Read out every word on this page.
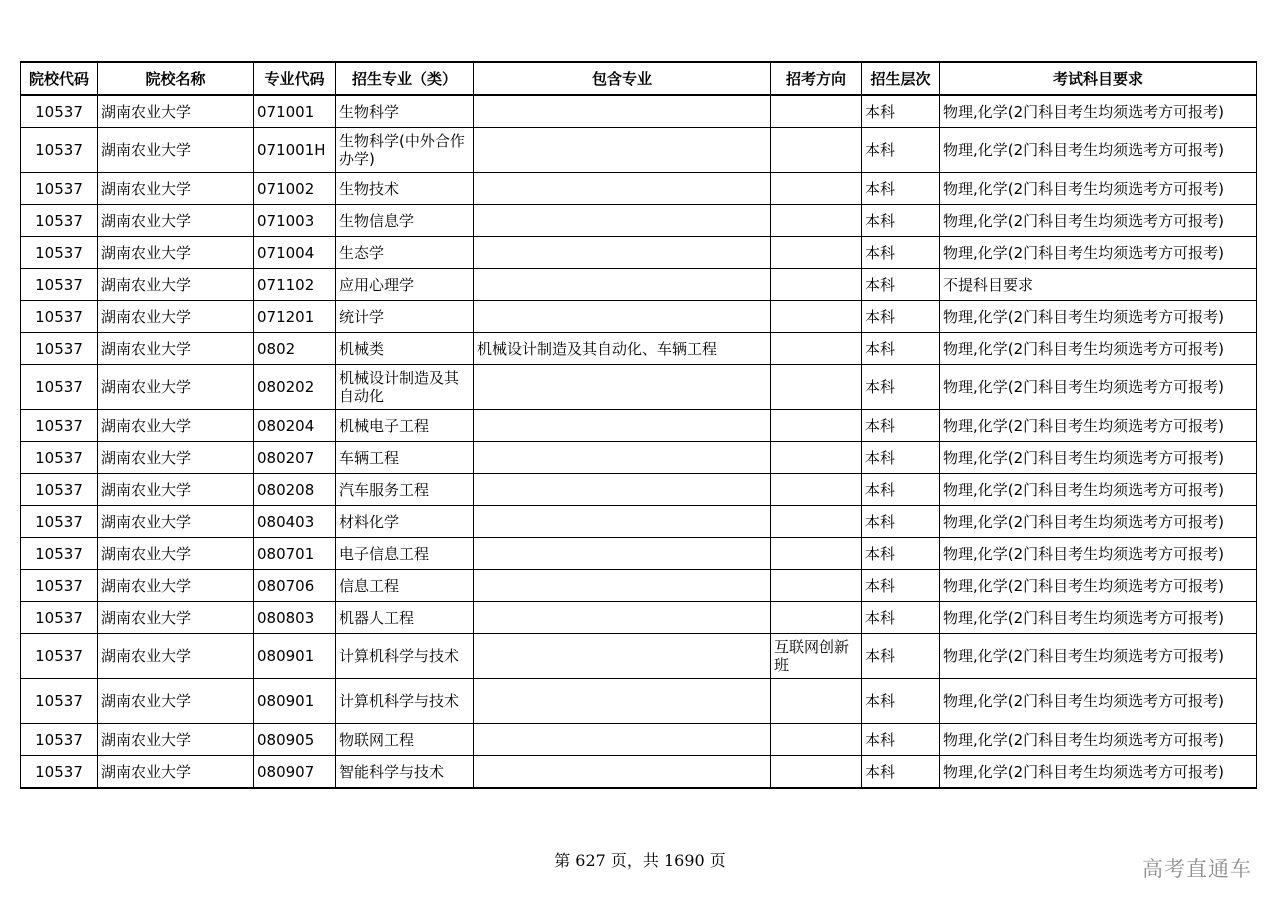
院校代码	院校名称	专业代码	招生专业（类）	包含专业	招考方向	招生层次	考试科目要求
10537	湖南农业大学	071001	生物科学			本科	物理,化学(2门科目考生均须选考方可报考)
10537	湖南农业大学	071001H	生物科学(中外合作办学)			本科	物理,化学(2门科目考生均须选考方可报考)
10537	湖南农业大学	071002	生物技术			本科	物理,化学(2门科目考生均须选考方可报考)
10537	湖南农业大学	071003	生物信息学			本科	物理,化学(2门科目考生均须选考方可报考)
10537	湖南农业大学	071004	生态学			本科	物理,化学(2门科目考生均须选考方可报考)
10537	湖南农业大学	071102	应用心理学			本科	不提科目要求
10537	湖南农业大学	071201	统计学			本科	物理,化学(2门科目考生均须选考方可报考)
10537	湖南农业大学	0802	机械类	机械设计制造及其自动化、车辆工程		本科	物理,化学(2门科目考生均须选考方可报考)
10537	湖南农业大学	080202	机械设计制造及其自动化			本科	物理,化学(2门科目考生均须选考方可报考)
10537	湖南农业大学	080204	机械电子工程			本科	物理,化学(2门科目考生均须选考方可报考)
10537	湖南农业大学	080207	车辆工程			本科	物理,化学(2门科目考生均须选考方可报考)
10537	湖南农业大学	080208	汽车服务工程			本科	物理,化学(2门科目考生均须选考方可报考)
10537	湖南农业大学	080403	材料化学			本科	物理,化学(2门科目考生均须选考方可报考)
10537	湖南农业大学	080701	电子信息工程			本科	物理,化学(2门科目考生均须选考方可报考)
10537	湖南农业大学	080706	信息工程			本科	物理,化学(2门科目考生均须选考方可报考)
10537	湖南农业大学	080803	机器人工程			本科	物理,化学(2门科目考生均须选考方可报考)
10537	湖南农业大学	080901	计算机科学与技术		互联网创新班	本科	物理,化学(2门科目考生均须选考方可报考)
10537	湖南农业大学	080901	计算机科学与技术			本科	物理,化学(2门科目考生均须选考方可报考)
10537	湖南农业大学	080905	物联网工程			本科	物理,化学(2门科目考生均须选考方可报考)
10537	湖南农业大学	080907	智能科学与技术			本科	物理,化学(2门科目考生均须选考方可报考)
第 627 页，共 1690 页	高考直通车
